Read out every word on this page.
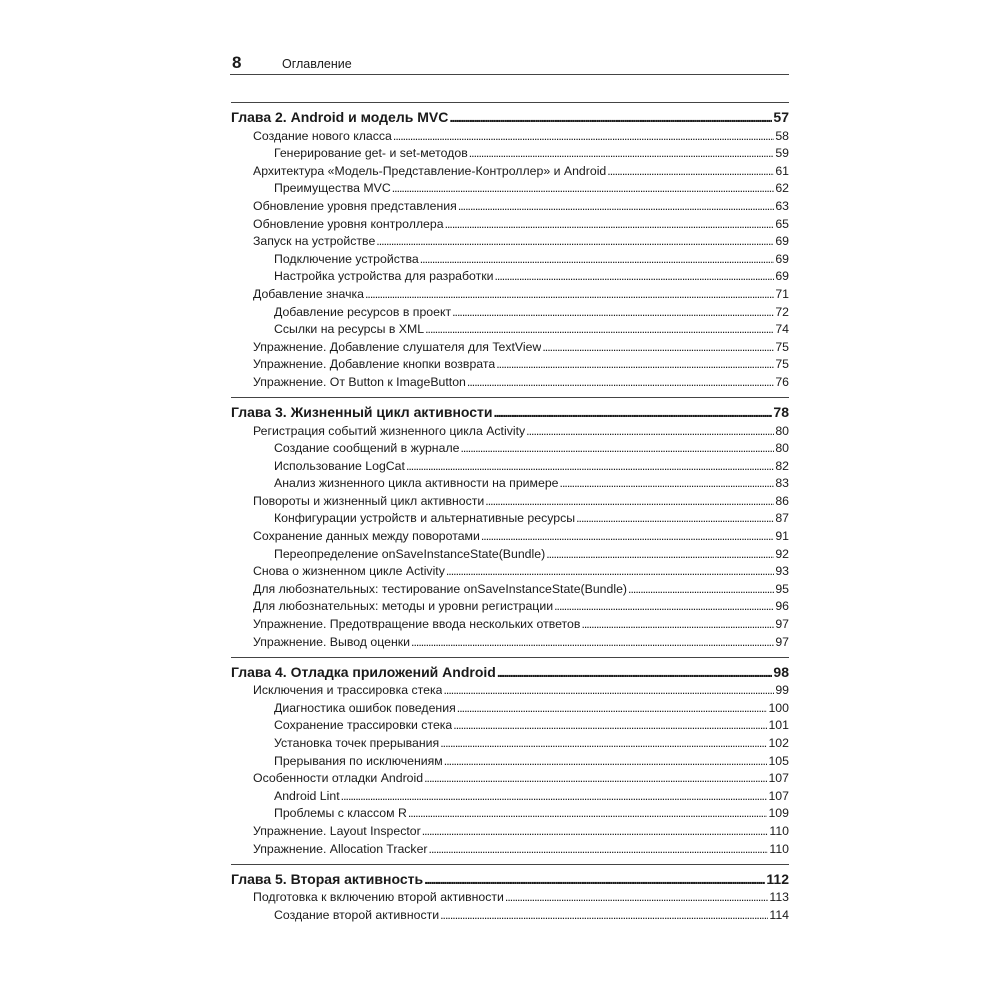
8	Оглавление
Глава 2. Android и модель MVC . . .	57
Создание нового класса . . .	58
Генерирование get- и set-методов . . .	59
Архитектура «Модель-Представление-Контроллер» и Android . . .	61
Преимущества MVC . . .	62
Обновление уровня представления . . .	63
Обновление уровня контроллера . . .	65
Запуск на устройстве . . .	69
Подключение устройства . . .	69
Настройка устройства для разработки . . .	69
Добавление значка . . .	71
Добавление ресурсов в проект . . .	72
Ссылки на ресурсы в XML . . .	74
Упражнение. Добавление слушателя для TextView . . .	75
Упражнение. Добавление кнопки возврата . . .	75
Упражнение. От Button к ImageButton . . .	76
Глава 3. Жизненный цикл активности . . .	78
Регистрация событий жизненного цикла Activity . . .	80
Создание сообщений в журнале . . .	80
Использование LogCat . . .	82
Анализ жизненного цикла активности на примере . . .	83
Повороты и жизненный цикл активности . . .	86
Конфигурации устройств и альтернативные ресурсы . . .	87
Сохранение данных между поворотами . . .	91
Переопределение onSaveInstanceState(Bundle) . . .	92
Снова о жизненном цикле Activity . . .	93
Для любознательных: тестирование onSaveInstanceState(Bundle) . . .	95
Для любознательных: методы и уровни регистрации . . .	96
Упражнение. Предотвращение ввода нескольких ответов . . .	97
Упражнение. Вывод оценки . . .	97
Глава 4. Отладка приложений Android . . .	98
Исключения и трассировка стека . . .	99
Диагностика ошибок поведения . . .	100
Сохранение трассировки стека . . .	101
Установка точек прерывания . . .	102
Прерывания по исключениям . . .	105
Особенности отладки Android . . .	107
Android Lint . . .	107
Проблемы с классом R . . .	109
Упражнение. Layout Inspector . . .	110
Упражнение. Allocation Tracker . . .	110
Глава 5. Вторая активность . . .	112
Подготовка к включению второй активности . . .	113
Создание второй активности . . .	114
